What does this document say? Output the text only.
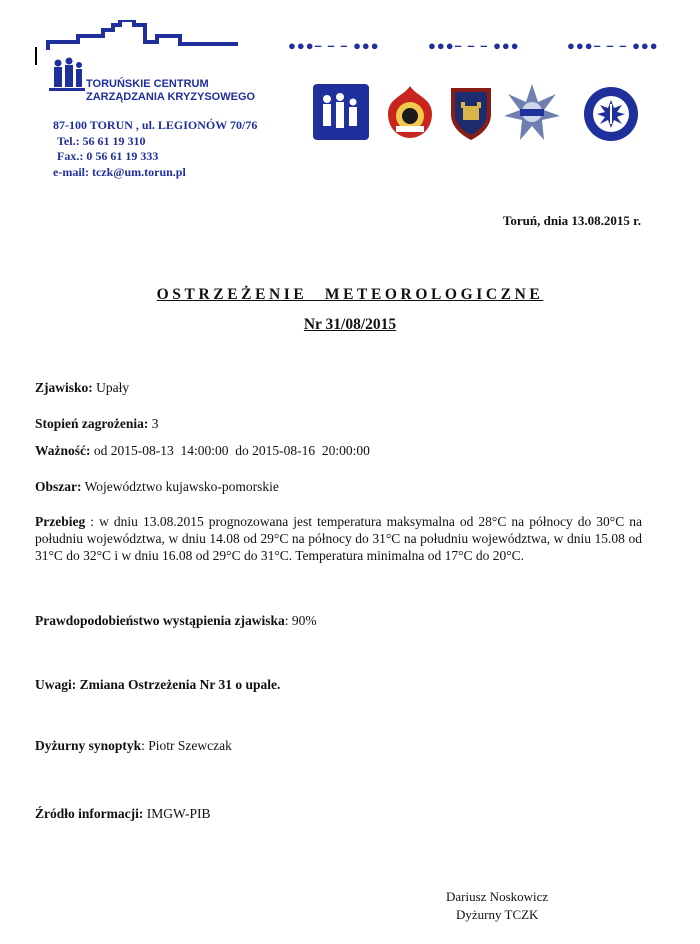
TORUŃSKIE CENTRUM
ZARZĄDZANIA KRYZYSOWEGO
87-100 TORUN , ul. LEGIONÓW 70/76
Tel.: 56 61 19 310
Fax.: 0 56 61 19 333
e-mail: tczk@um.torun.pl
●●●– – – ●●●	●●●– – – ●●●	●●●– – – ●●●
Toruń, dnia 13.08.2015 r.
OSTRZEŻENIE METEOROLOGICZNE
Nr 31/08/2015
Zjawisko: Upały
Stopień zagrożenia: 3
Ważność: od 2015-08-13  14:00:00  do 2015-08-16  20:00:00
Obszar: Województwo kujawsko-pomorskie
Przebieg : w dniu 13.08.2015 prognozowana jest temperatura maksymalna od 28°C na północy do 30°C na południu województwa, w dniu 14.08 od 29°C na północy do 31°C na południu województwa, w dniu 15.08 od 31°C do 32°C i w dniu 16.08 od 29°C do 31°C. Temperatura minimalna od 17°C do 20°C.
Prawdopodobieństwo wystąpienia zjawiska: 90%
Uwagi: Zmiana Ostrzeżenia Nr 31 o upale.
Dyżurny synoptyk: Piotr Szewczak
Źródło informacji: IMGW-PIB
Dariusz Noskowicz
Dyżurny TCZK
